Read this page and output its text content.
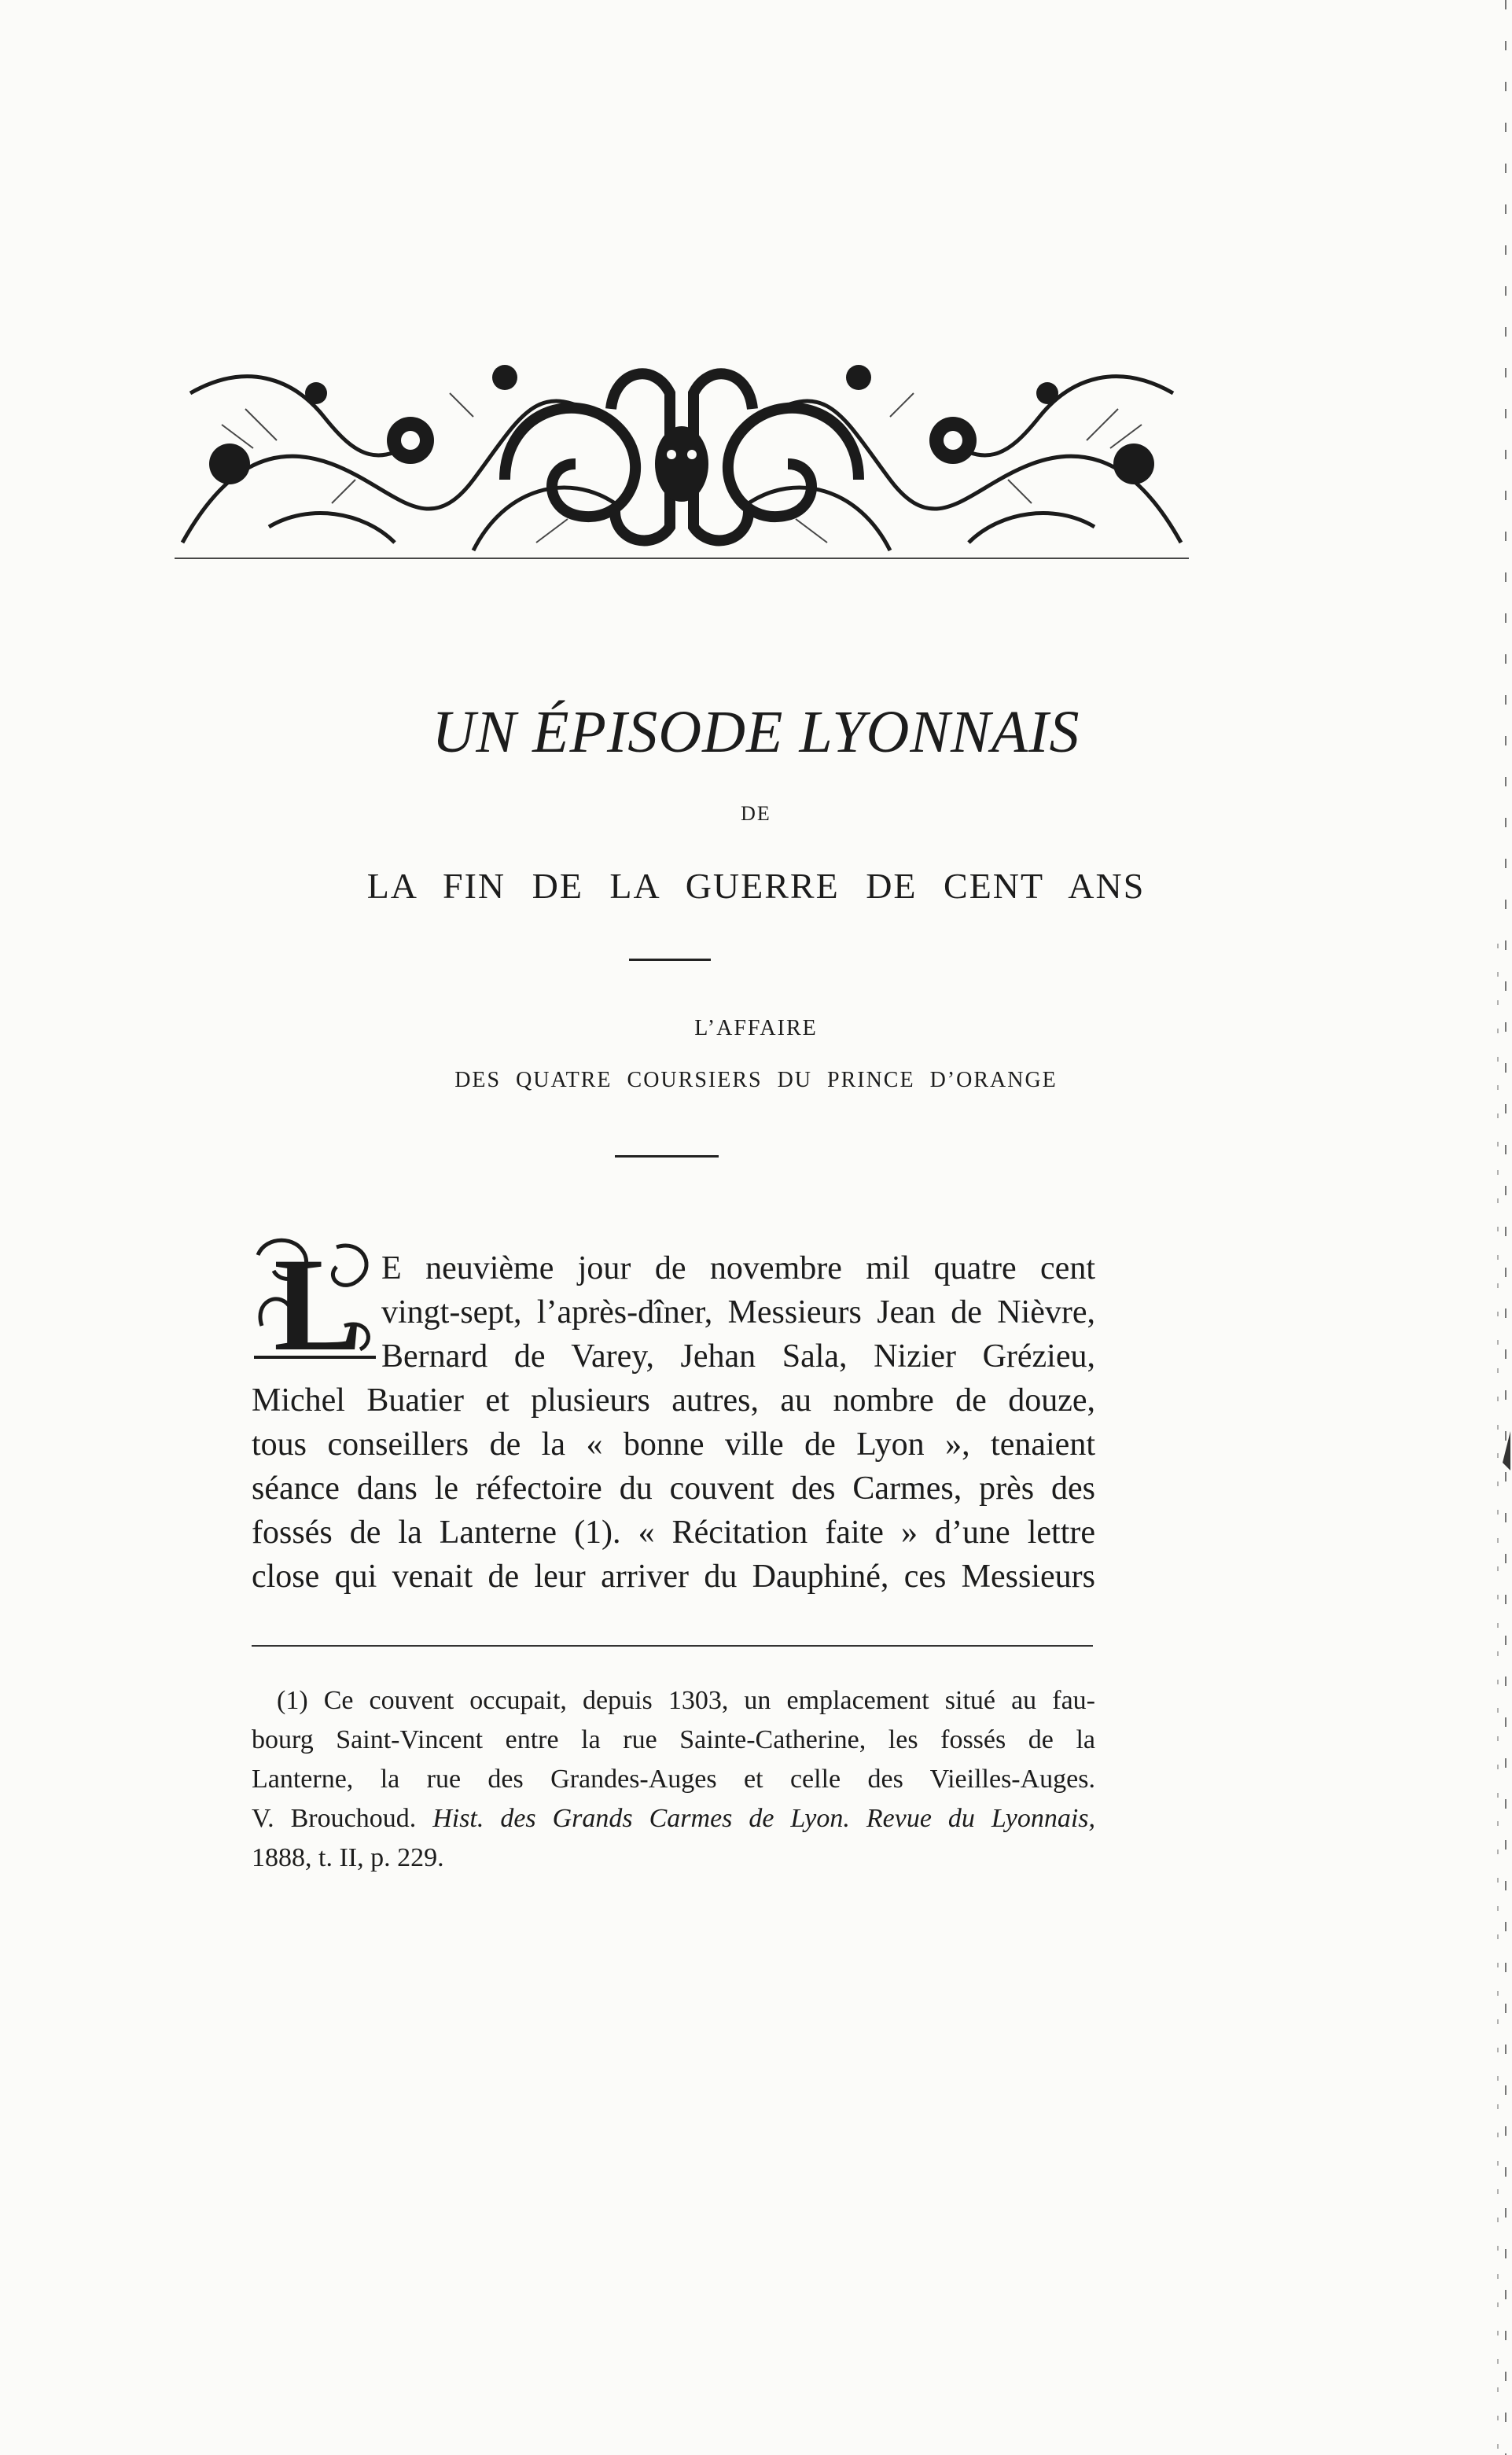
UN ÉPISODE LYONNAIS
DE
LA FIN DE LA GUERRE DE CENT ANS
L’AFFAIRE
DES QUATRE COURSIERS DU PRINCE D’ORANGE
L E neuvième jour de novembre mil quatre cent
vingt-sept, l’après-dîner, Messieurs Jean de Nièvre,
Bernard de Varey, Jehan Sala, Nizier Grézieu,
Michel Buatier et plusieurs autres, au nombre de douze,
tous conseillers de la « bonne ville de Lyon », tenaient
séance dans le réfectoire du couvent des Carmes, près des
fossés de la Lanterne (1). « Récitation faite » d’une lettre
close qui venait de leur arriver du Dauphiné, ces Messieurs
(1) Ce couvent occupait, depuis 1303, un emplacement situé au fau-
bourg Saint-Vincent entre la rue Sainte-Catherine, les fossés de la
Lanterne, la rue des Grandes-Auges et celle des Vieilles-Auges.
V. Brouchoud. Hist. des Grands Carmes de Lyon. Revue du Lyonnais,
1888, t. II, p. 229.
